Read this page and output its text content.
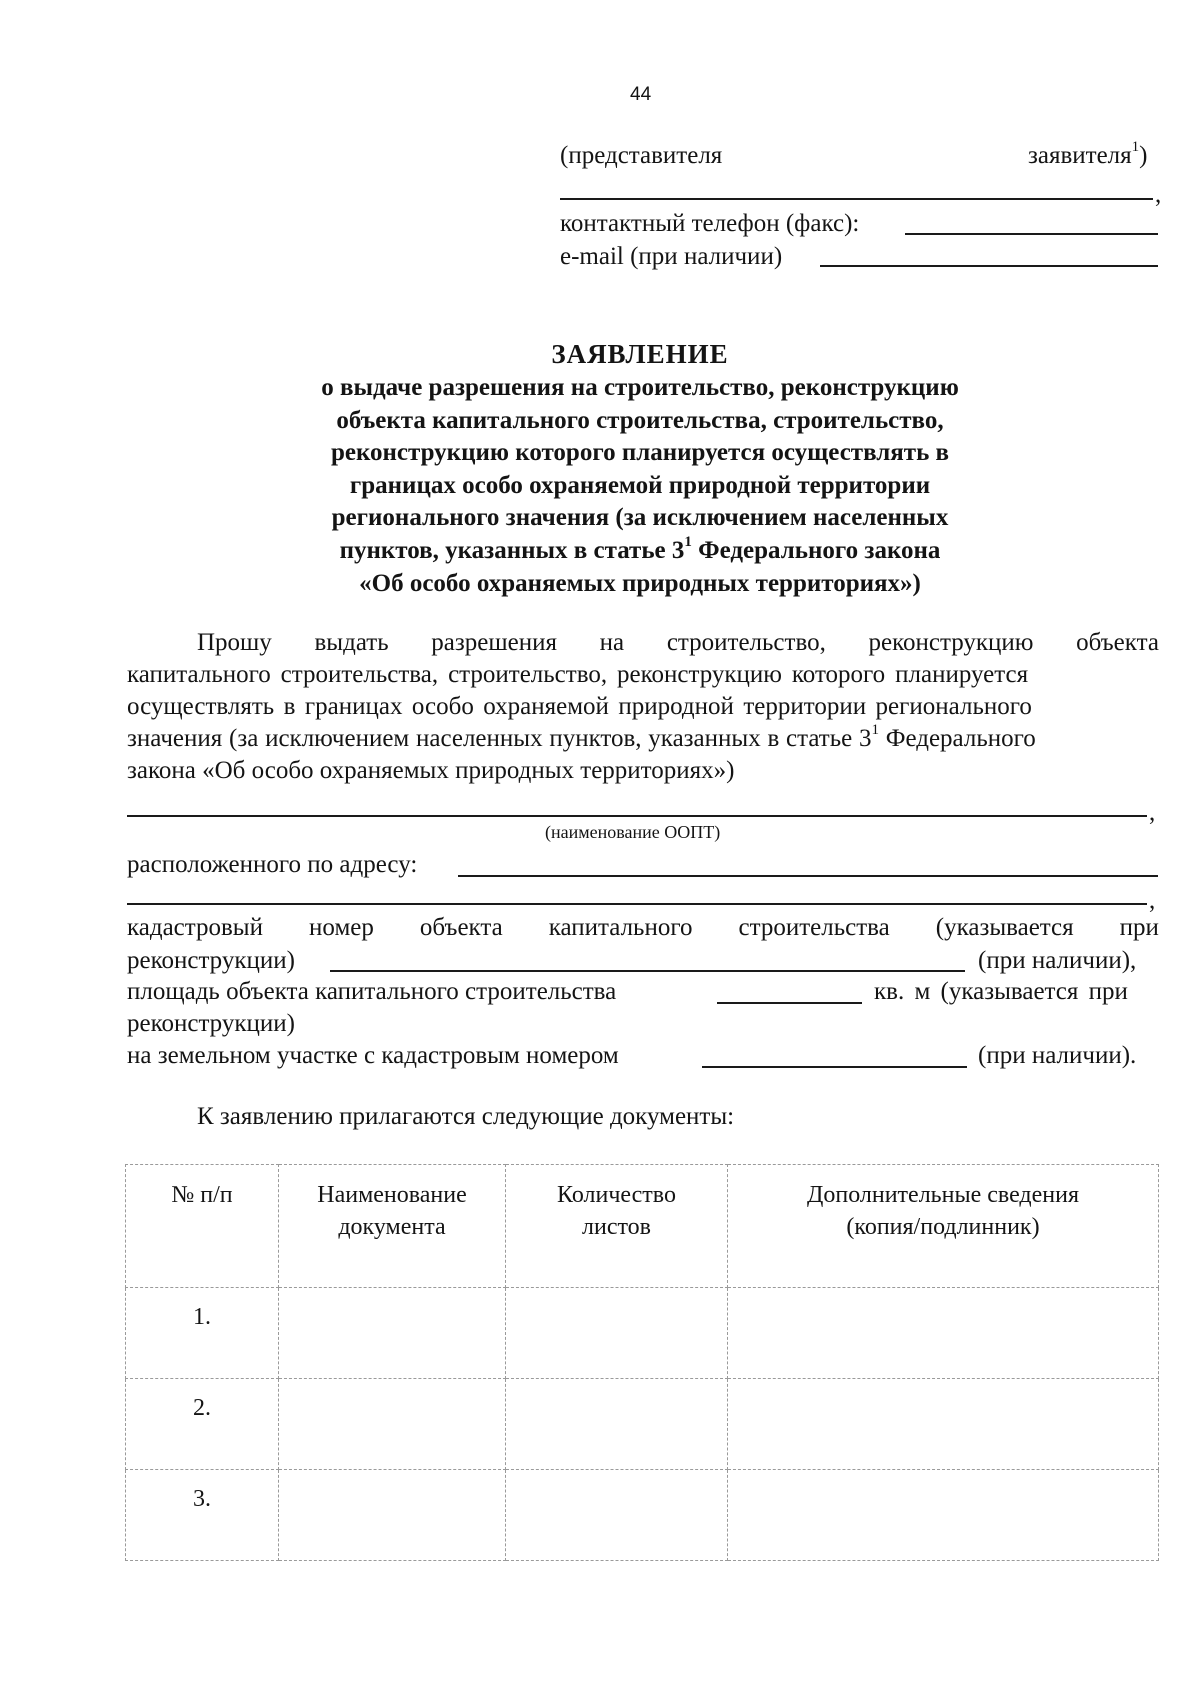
44
(представителя	заявителя$^1$)
,
контактный телефон (факс):
e-mail (при наличии)
ЗАЯВЛЕНИЕ
о выдаче разрешения на строительство, реконструкцию
объекта капитального строительства, строительство,
реконструкцию которого планируется осуществлять в
границах особо охраняемой природной территории
регионального значения (за исключением населенных
пунктов, указанных в статье $3^1$ Федерального закона
«Об особо охраняемых природных территориях»)
Прошу выдать разрешения на строительство, реконструкцию объекта
капитального строительства, строительство, реконструкцию которого планируется
осуществлять в границах особо охраняемой природной территории регионального
значения (за исключением населенных пунктов, указанных в статье $3^1$ Федерального
закона «Об особо охраняемых природных территориях»)
,
(наименование ООПТ)
расположенного по адресу:
,
кадастровый номер объекта капитального строительства (указывается при
реконструкции)	(при наличии),
площадь объекта капитального строительства	кв. м (указывается при
реконструкции)
на земельном участке с кадастровым номером	(при наличии).
К заявлению прилагаются следующие документы:
№ п/п	Наименование документа	Количество листов	Дополнительные сведения (копия/подлинник)

1.			
2.			
3.			
